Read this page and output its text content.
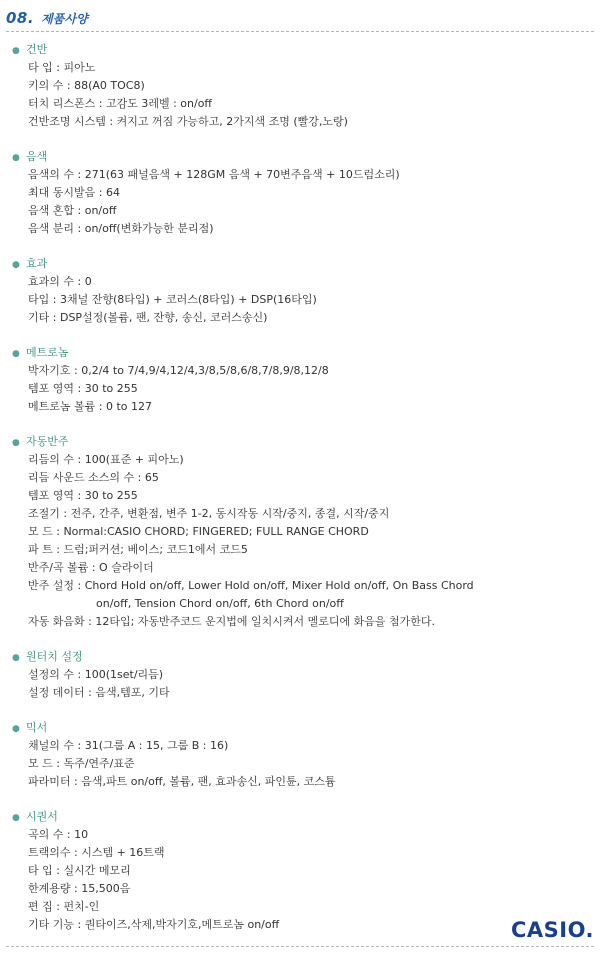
08. 제품사양
● 건반
타 입 : 피아노
키의 수 : 88(A0 TOC8)
터치 리스폰스 : 고감도 3레벨 : on/off
건반조명 시스템 : 켜지고 꺼짐 가능하고, 2가지색 조명 (빨강,노랑)
● 음색
음색의 수 : 271(63 패널음색 + 128GM 음색 + 70변주음색 + 10드럼소리)
최대 동시발음 : 64
음색 혼합 : on/off
음색 분리 : on/off(변화가능한 분리점)
● 효과
효과의 수 : 0
타입 : 3채널 잔향(8타입) + 코러스(8타입) + DSP(16타입)
기타 : DSP설정(볼륨, 팬, 잔향, 송신, 코러스송신)
● 메트로놈
박자기호 : 0,2/4 to 7/4,9/4,12/4,3/8,5/8,6/8,7/8,9/8,12/8
템포 영역 : 30 to 255
메트로놈 볼륨 : 0 to 127
● 자동반주
리듬의 수 : 100(표준 + 피아노)
리듬 사운드 소스의 수 : 65
템포 영역 : 30 to 255
조절기 : 전주, 간주, 변환점, 변주 1-2, 동시작동 시작/중지, 종결, 시작/중지
모 드 : Normal:CASIO CHORD; FINGERED; FULL RANGE CHORD
파 트 : 드럼;퍼커션; 베이스; 코드1에서 코드5
반주/곡 볼륨 : O 슬라이더
반주 설정 : Chord Hold on/off, Lower Hold on/off, Mixer Hold on/off, On Bass Chord
on/off, Tension Chord on/off, 6th Chord on/off
자동 화음화 : 12타입; 자동반주코드 운지법에 일치시켜서 멜로디에 화음을 첨가한다.
● 원터치 설정
설정의 수 : 100(1set/리듬)
설정 데이터 : 음색,템포, 기타
● 믹서
채널의 수 : 31(그룹 A : 15, 그룹 B : 16)
모 드 : 독주/연주/표준
파라미터 : 음색,파트 on/off, 볼륨, 팬, 효과송신, 파인튠, 코스튬
● 시퀀서
곡의 수 : 10
트랙의수 : 시스템 + 16트랙
타 입 : 실시간 메모리
한계용량 : 15,500음
편 집 : 펀치-인
기타 기능 : 퀀타이즈,삭제,박자기호,메트로놈 on/off	CASIO.
